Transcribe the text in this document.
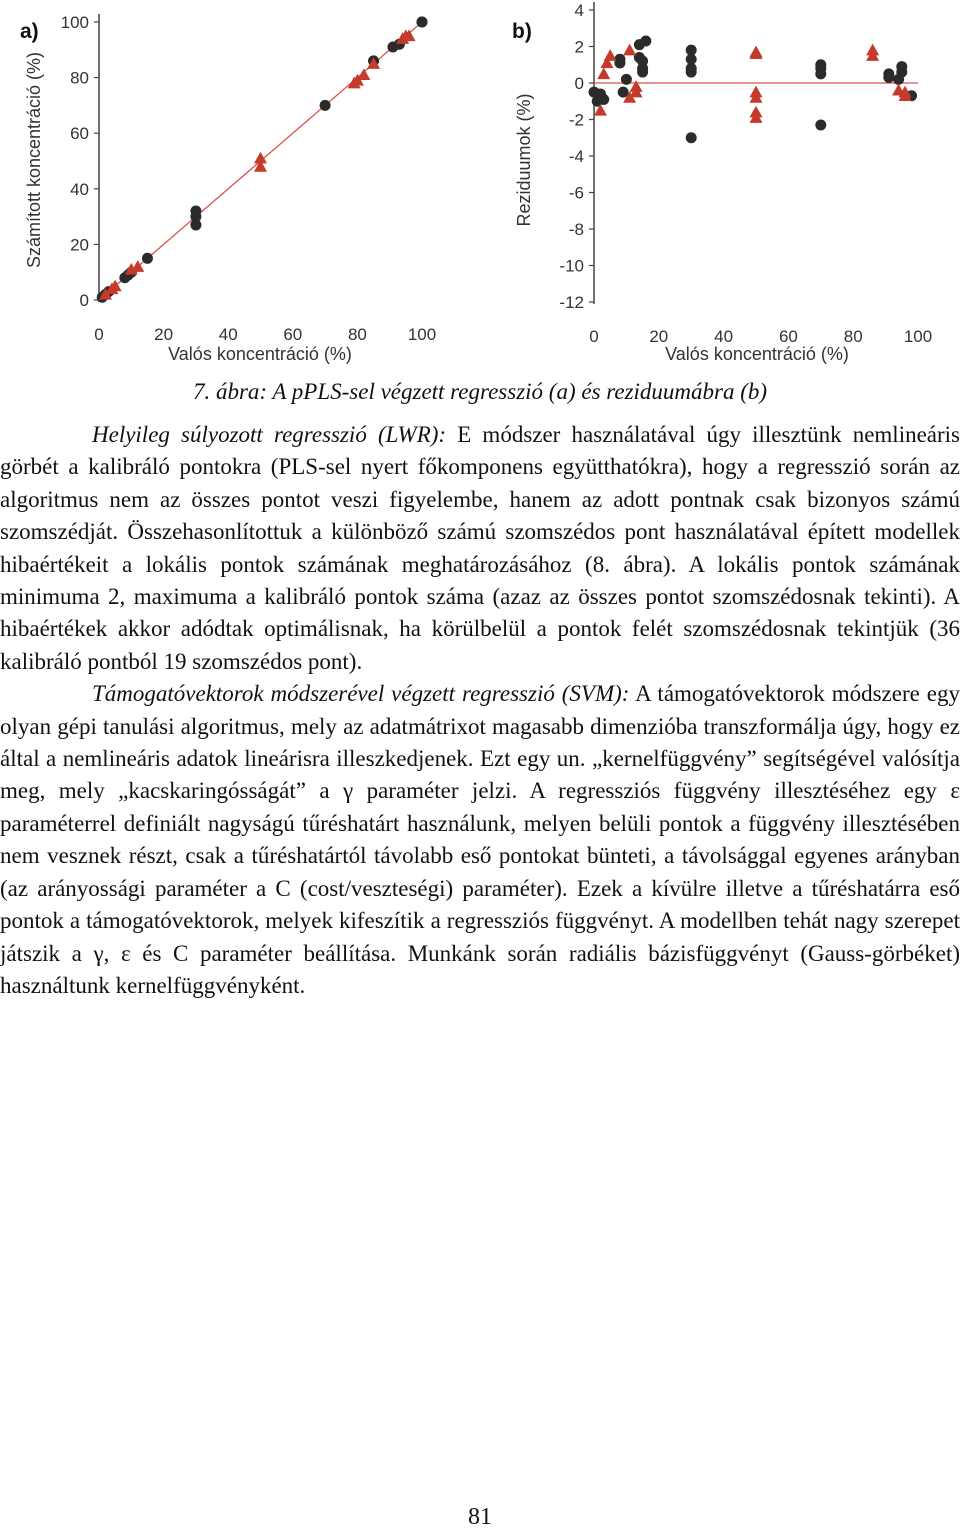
a)
Számított koncentráció (%)
Valós koncentráció (%)
0
20
40
60
80
100
0	20	40	60	80 100
b)
Reziduumok (%)
Valós koncentráció (%)
4
2
0
-2
-4
-6
-8
-10
-12
0	20	40	60	80 100
7. ábra: A pPLS-sel végzett regresszió (a) és reziduumábra (b)

Helyileg súlyozott regresszió (LWR): E módszer használatával úgy illesztünk nemlineáris görbét a kalibráló pontokra (PLS-sel nyert főkomponens együtthatókra), hogy a regresszió során az algoritmus nem az összes pontot veszi figyelembe, hanem az adott pontnak csak bizonyos számú szomszédját. Összehasonlítottuk a különböző számú szomszédos pont használatával épített modellek hibaértékeit a lokális pontok számának meghatározásához (8. ábra). A lokális pontok számának minimuma 2, maximuma a kalibráló pontok száma (azaz az összes pontot szomszédosnak tekinti). A hibaértékek akkor adódtak optimálisnak, ha körülbelül a pontok felét szomszédosnak tekintjük (36 kalibráló pontból 19 szomszédos pont).

Támogatóvektorok módszerével végzett regresszió (SVM): A támogatóvektorok módszere egy olyan gépi tanulási algoritmus, mely az adatmátrixot magasabb dimenzióba transzformálja úgy, hogy ez által a nemlineáris adatok lineárisra illeszkedjenek. Ezt egy un. „kernelfüggvény” segítségével valósítja meg, mely „kacskaringósságát” a γ paraméter jelzi. A regressziós függvény illesztéséhez egy ε paraméterrel definiált nagyságú tűréshatárt használunk, melyen belüli pontok a függvény illesztésében nem vesznek részt, csak a tűréshatártól távolabb eső pontokat bünteti, a távolsággal egyenes arányban (az arányossági paraméter a C (cost/veszteségi) paraméter). Ezek a kívülre illetve a tűréshatárra eső pontok a támogatóvektorok, melyek kifeszítik a regressziós függvényt. A modellben tehát nagy szerepet játszik a γ, ε és C paraméter beállítása. Munkánk során radiális bázisfüggvényt (Gauss-görbéket) használtunk kernelfüggvényként.

81
